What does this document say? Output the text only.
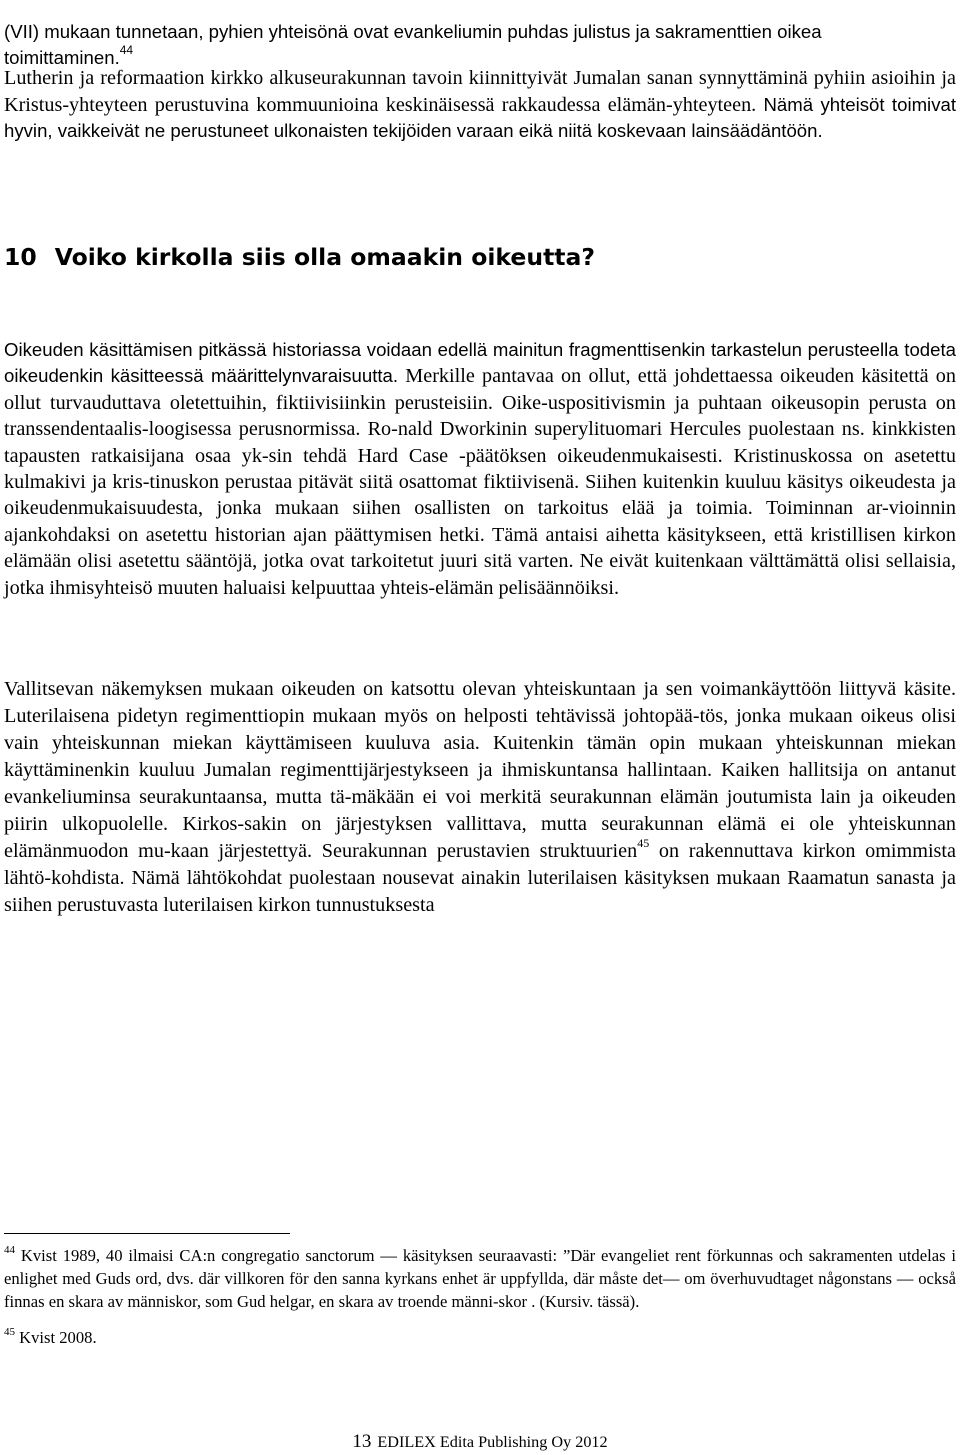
(VII) mukaan tunnetaan, pyhien yhteisönä ovat evankeliumin puhdas julistus ja sakramenttien oikea
toimittaminen.$^{44}$

Lutherin ja reformaation kirkko alkuseurakunnan tavoin kiinnittyivät Jumalan sanan synnyttäminä pyhiin asioihin ja Kristus-yhteyteen perustuvina kommuunioina keskinäisessä rakkaudessa elämän-yhteyteen. Nämä yhteisöt toimivat hyvin, vaikkeivät ne perustuneet ulkonaisten tekijöiden varaan eikä niitä koskevaan lainsäädäntöön.

10 Voiko kirkolla siis olla omaakin oikeutta?

Oikeuden käsittämisen pitkässä historiassa voidaan edellä mainitun fragmenttisenkin tarkastelun perusteella todeta oikeudenkin käsitteessä määrittelynvaraisuutta. Merkille pantavaa on ollut, että johdettaessa oikeuden käsitettä on ollut turvauduttava oletettuihin, fiktiivisiinkin perusteisiin. Oike-uspositivismin ja puhtaan oikeusopin perusta on transsendentaalis-loogisessa perusnormissa. Ro-nald Dworkinin superylituomari Hercules puolestaan ns. kinkkisten tapausten ratkaisijana osaa yk-sin tehdä Hard Case -päätöksen oikeudenmukaisesti. Kristinuskossa on asetettu kulmakivi ja kris-tinuskon perustaa pitävät siitä osattomat fiktiivisenä. Siihen kuitenkin kuuluu käsitys oikeudesta ja oikeudenmukaisuudesta, jonka mukaan siihen osallisten on tarkoitus elää ja toimia. Toiminnan ar-vioinnin ajankohdaksi on asetettu historian ajan päättymisen hetki. Tämä antaisi aihetta käsitykseen, että kristillisen kirkon elämään olisi asetettu sääntöjä, jotka ovat tarkoitetut juuri sitä varten. Ne eivät kuitenkaan välttämättä olisi sellaisia, jotka ihmisyhteisö muuten haluaisi kelpuuttaa yhteis-elämän pelisäännöiksi.

Vallitsevan näkemyksen mukaan oikeuden on katsottu olevan yhteiskuntaan ja sen voimankäyttöön liittyvä käsite. Luterilaisena pidetyn regimenttiopin mukaan myös on helposti tehtävissä johtopää-tös, jonka mukaan oikeus olisi vain yhteiskunnan miekan käyttämiseen kuuluva asia. Kuitenkin tämän opin mukaan yhteiskunnan miekan käyttäminenkin kuuluu Jumalan regimenttijärjestykseen ja ihmiskuntansa hallintaan. Kaiken hallitsija on antanut evankeliuminsa seurakuntaansa, mutta tä-mäkään ei voi merkitä seurakunnan elämän joutumista lain ja oikeuden piirin ulkopuolelle. Kirkos-sakin on järjestyksen vallittava, mutta seurakunnan elämä ei ole yhteiskunnan elämänmuodon mu-kaan järjestettyä. Seurakunnan perustavien struktuurien$^{45}$ on rakennuttava kirkon omimmista lähtö-kohdista. Nämä lähtökohdat puolestaan nousevat ainakin luterilaisen käsityksen mukaan Raamatun sanasta ja siihen perustuvasta luterilaisen kirkon tunnustuksesta

$^{44}$ Kvist 1989, 40 ilmaisi CA:n congregatio sanctorum — käsityksen seuraavasti: ”Där evangeliet rent förkunnas och sakramenten utdelas i enlighet med Guds ord, dvs. där villkoren för den sanna kyrkans enhet är uppfyllda, där måste det— om överhuvudtaget någonstans — också finnas en skara av människor, som Gud helgar, en skara av troende männi-skor . (Kursiv. tässä).

$^{45}$ Kvist 2008.

13 EDILEX Edita Publishing Oy 2012
